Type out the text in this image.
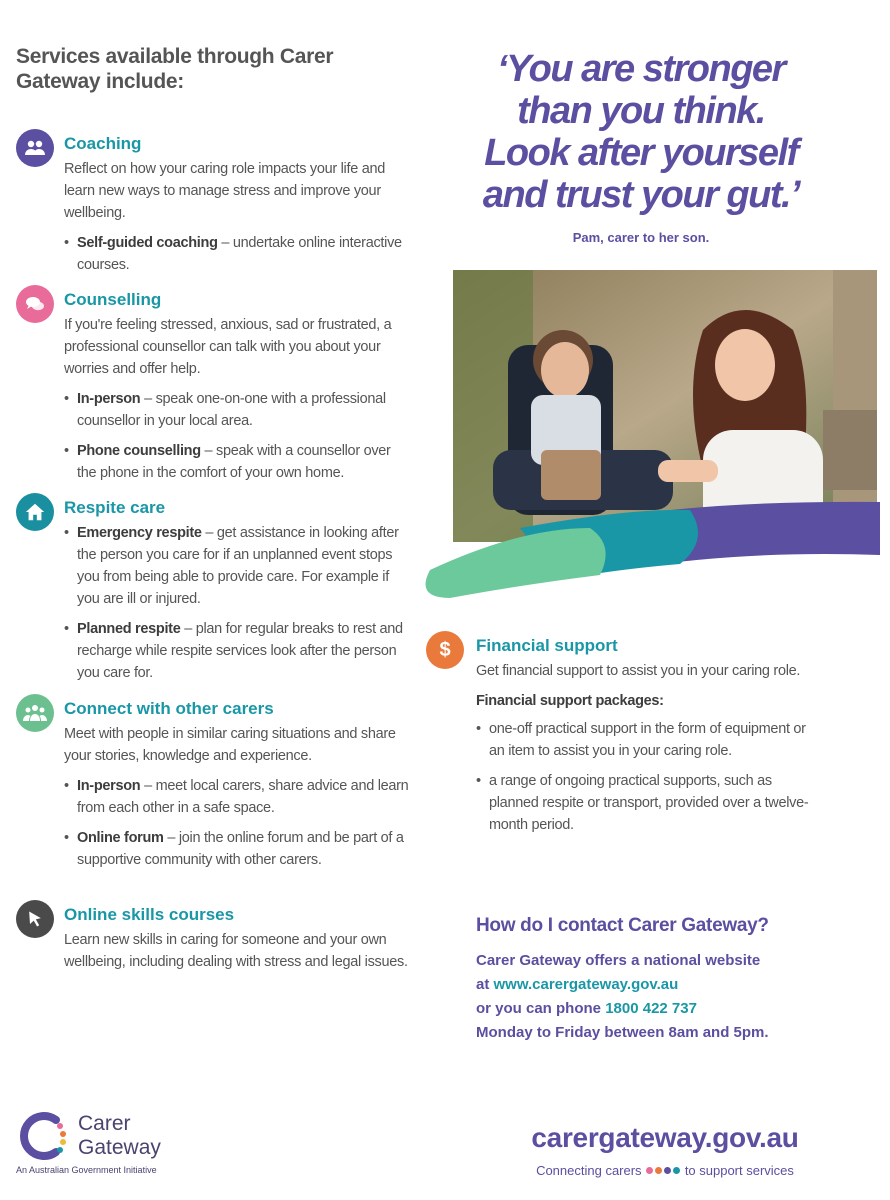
Services available through Carer Gateway include:
Coaching

Reflect on how your caring role impacts your life and learn new ways to manage stress and improve your wellbeing.

• Self-guided coaching – undertake online interactive courses.
Counselling

If you're feeling stressed, anxious, sad or frustrated, a professional counsellor can talk with you about your worries and offer help.

• In-person – speak one-on-one with a professional counsellor in your local area.
• Phone counselling – speak with a counsellor over the phone in the comfort of your own home.
Respite care
• Emergency respite – get assistance in looking after the person you care for if an unplanned event stops you from being able to provide care. For example if you are ill or injured.
• Planned respite – plan for regular breaks to rest and recharge while respite services look after the person you care for.
Connect with other carers

Meet with people in similar caring situations and share your stories, knowledge and experience.

• In-person – meet local carers, share advice and learn from each other in a safe space.
• Online forum – join the online forum and be part of a supportive community with other carers.
Online skills courses

Learn new skills in caring for someone and your own wellbeing, including dealing with stress and legal issues.

‘You are stronger than you think. Look after yourself and trust your gut.’
Pam, carer to her son.
$ Financial support

Get financial support to assist you in your caring role.

Financial support packages:

• one-off practical support in the form of equipment or an item to assist you in your caring role.
• a range of ongoing practical supports, such as planned respite or transport, provided over a twelve-month period.
How do I contact Carer Gateway?
Carer Gateway offers a national website
at www.carergateway.gov.au
or you can phone 1800 422 737
Monday to Friday between 8am and 5pm.
Carer
Gateway
An Australian Government Initiative
carergateway.gov.au
Connecting carers	to support services
